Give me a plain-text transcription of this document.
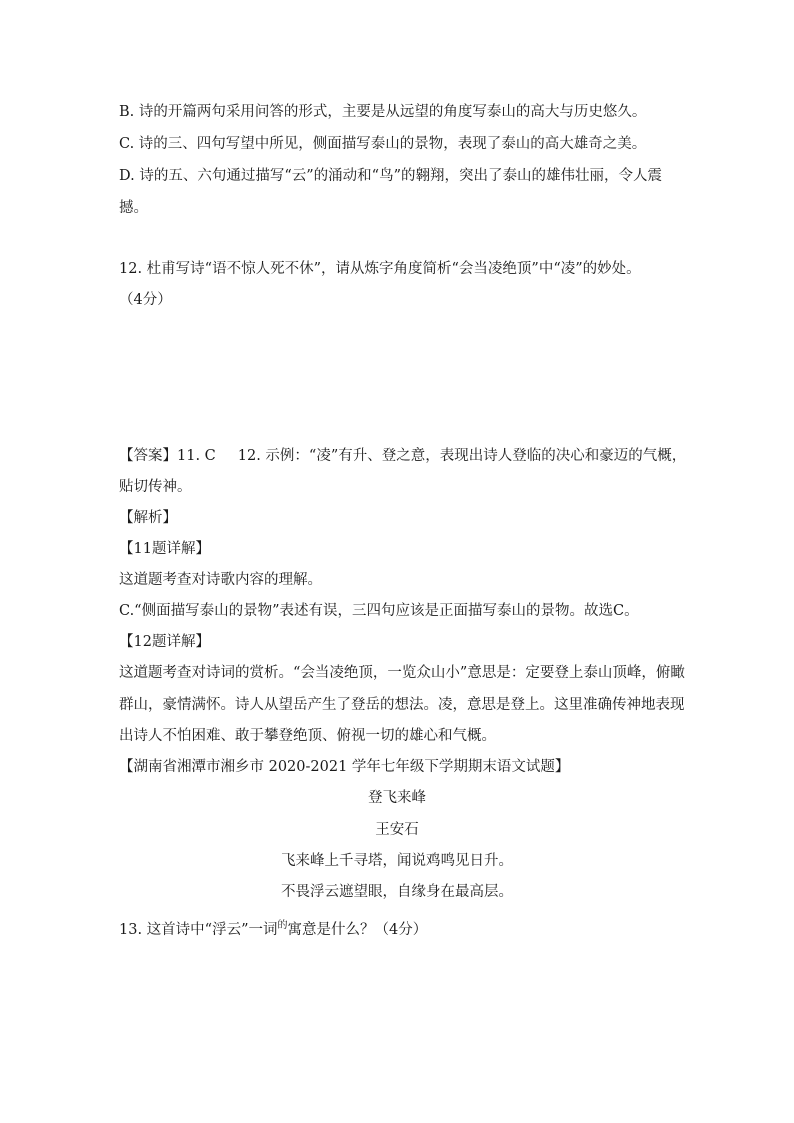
B. 诗的开篇两句采用问答的形式，主要是从远望的角度写泰山的高大与历史悠久。

C. 诗的三、四句写望中所见，侧面描写泰山的景物，表现了泰山的高大雄奇之美。

D. 诗的五、六句通过描写“云”的涌动和“鸟”的翱翔，突出了泰山的雄伟壮丽，令人震

撼。

12. 杜甫写诗“语不惊人死不休”，请从炼字角度简析“会当凌绝顶”中“凌”的妙处。

（4分）

【答案】11. C 12. 示例：“凌”有升、登之意，表现出诗人登临的决心和豪迈的气概，

贴切传神。

【解析】

【11题详解】

这道题考查对诗歌内容的理解。

C.“侧面描写泰山的景物”表述有误，三四句应该是正面描写泰山的景物。故选C。

【12题详解】

这道题考查对诗词的赏析。“会当凌绝顶，一览众山小”意思是：定要登上泰山顶峰，俯瞰

群山，豪情满怀。诗人从望岳产生了登岳的想法。凌，意思是登上。这里准确传神地表现

出诗人不怕困难、敢于攀登绝顶、俯视一切的雄心和气概。

【湖南省湘潭市湘乡市 2020-2021 学年七年级下学期期末语文试题】

登飞来峰

王安石

飞来峰上千寻塔，闻说鸡鸣见日升。

不畏浮云遮望眼，自缘身在最高层。

13. 这首诗中“浮云”一词$^的$寓意是什么？（4分）
